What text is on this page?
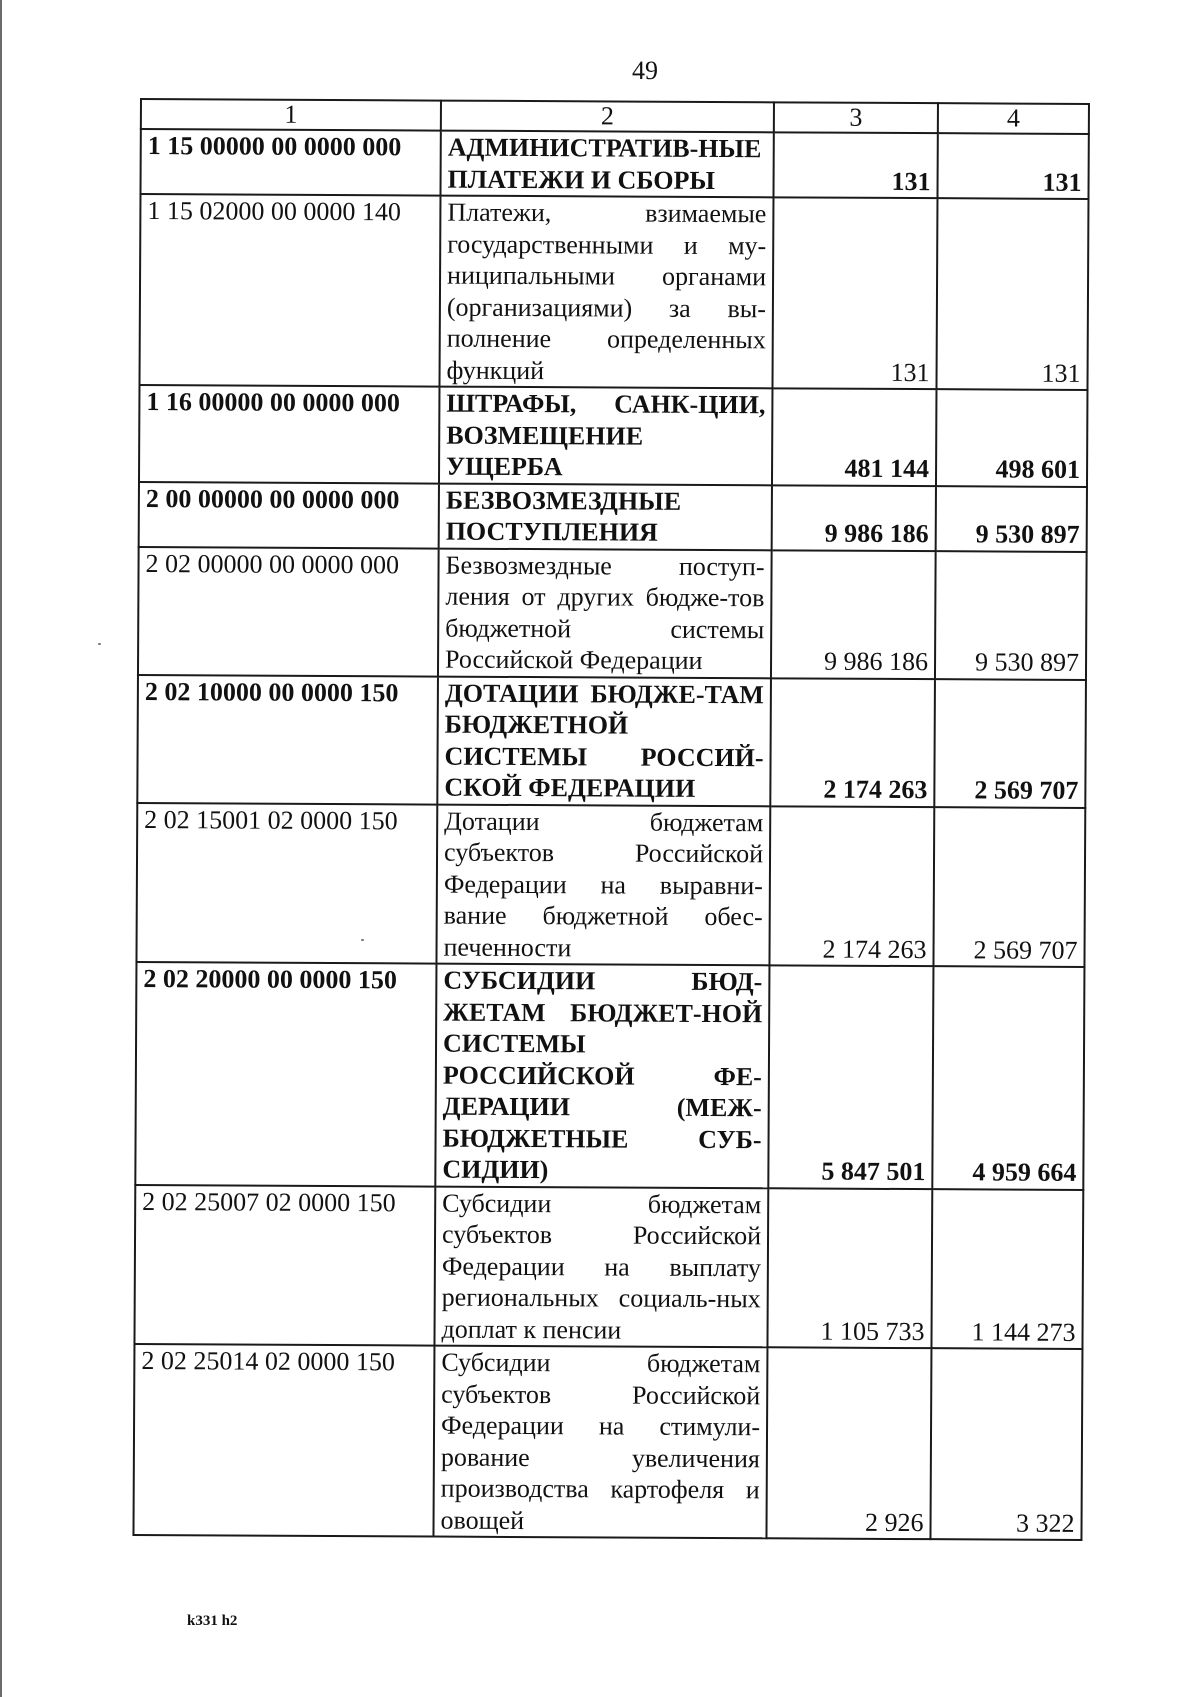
49
1	2	3	4
1 15 00000 00 0000 000	АДМИНИСТРАТИВ-НЫЕ ПЛАТЕЖИ И СБОРЫ	131	131
1 15 02000 00 0000 140	Платежи, взимаемые государственными и му-ниципальными органами (организациями) за вы-полнение определенных функций	131	131
1 16 00000 00 0000 000	ШТРАФЫ, САНК-ЦИИ, ВОЗМЕЩЕНИЕ УЩЕРБА	481 144	498 601
2 00 00000 00 0000 000	БЕЗВОЗМЕЗДНЫЕ ПОСТУПЛЕНИЯ	9 986 186	9 530 897
2 02 00000 00 0000 000	Безвозмездные поступ-ления от других бюдже-тов бюджетной системы Российской Федерации	9 986 186	9 530 897
2 02 10000 00 0000 150	ДОТАЦИИ БЮДЖЕ-ТАМ БЮДЖЕТНОЙ СИСТЕМЫ РОССИЙ-СКОЙ ФЕДЕРАЦИИ	2 174 263	2 569 707
2 02 15001 02 0000 150	Дотации бюджетам субъектов Российской Федерации на выравни-вание бюджетной обес-печенности	2 174 263	2 569 707
2 02 20000 00 0000 150	СУБСИДИИ БЮД-ЖЕТАМ БЮДЖЕТ-НОЙ СИСТЕМЫ РОССИЙСКОЙ ФЕ-ДЕРАЦИИ (МЕЖ-БЮДЖЕТНЫЕ СУБ-СИДИИ)	5 847 501	4 959 664
2 02 25007 02 0000 150	Субсидии бюджетам субъектов Российской Федерации на выплату региональных социаль-ных доплат к пенсии	1 105 733	1 144 273
2 02 25014 02 0000 150	Субсидии бюджетам субъектов Российской Федерации на стимули-рование увеличения производства картофеля и овощей	2 926	3 322
k331 h2
